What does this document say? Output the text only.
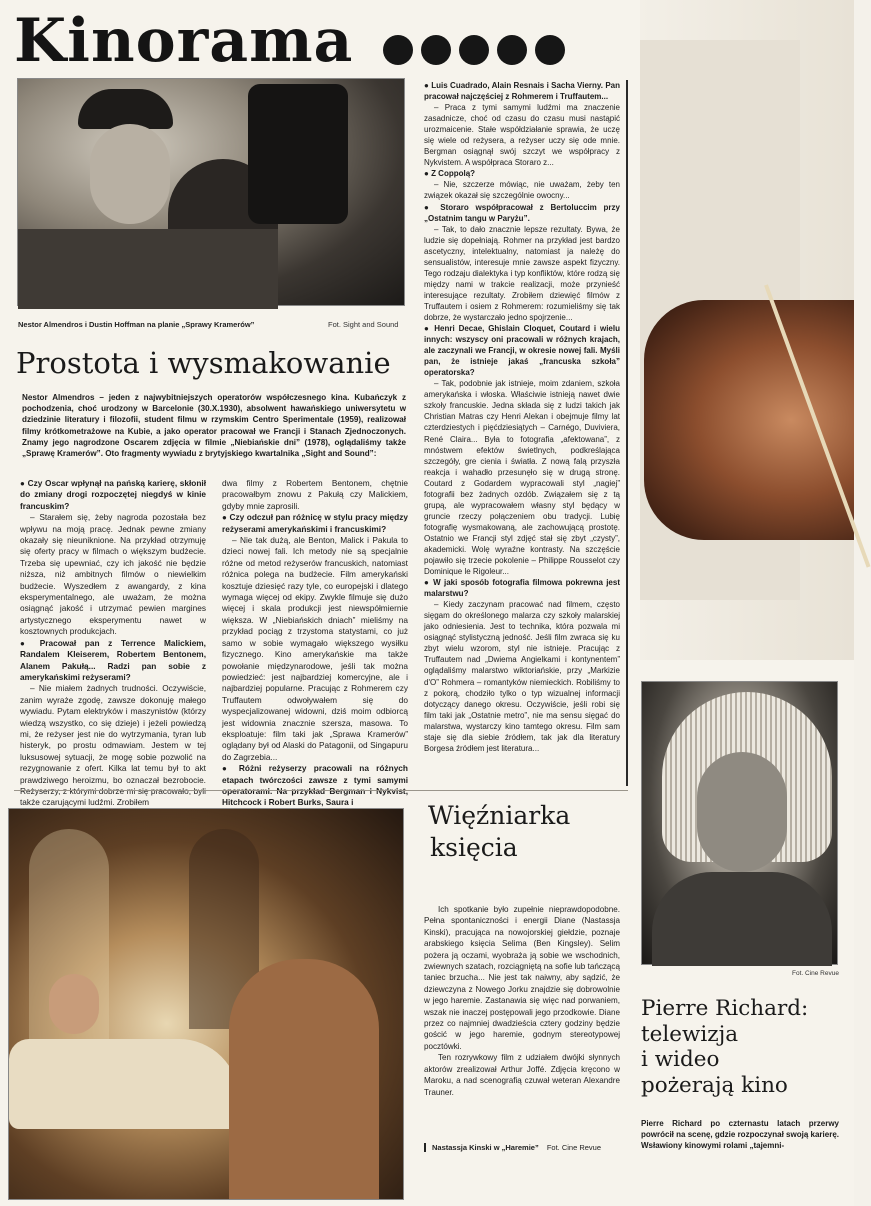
Kinorama
Nestor Almendros i Dustin Hoffman na planie „Sprawy Kramerów”	Fot. Sight and Sound
Prostota i wysmakowanie
Nestor Almendros – jeden z najwybitniejszych operatorów współczesnego kina. Kubańczyk z pochodzenia, choć urodzony w Barcelonie (30.X.1930), absolwent hawańskiego uniwersytetu w dziedzinie literatury i filozofii, student filmu w rzymskim Centro Sperimentale (1959), realizował filmy krótkometrażowe na Kubie, a jako operator pracował we Francji i Stanach Zjednoczonych. Znamy jego nagrodzone Oscarem zdjęcia w filmie „Niebiańskie dni” (1978), oglądaliśmy także „Sprawę Kramerów”. Oto fragmenty wywiadu z brytyjskiego kwartalnika „Sight and Sound”:

● Czy Oscar wpłynął na pańską karierę, skłonił do zmiany drogi rozpoczętej niegdyś w kinie francuskim?

– Starałem się, żeby nagroda pozostała bez wpływu na moją pracę. Jednak pewne zmiany okazały się nieuniknione. Na przykład otrzymuję się oferty pracy w filmach o większym budżecie. Trzeba się upewniać, czy ich jakość nie będzie niższa, niż ambitnych filmów o niewielkim budżecie. Wyszedłem z awangardy, z kina eksperymentalnego, ale uważam, że można osiągnąć jakość i utrzymać pewien margines artystycznego eksperymentu nawet w kosztownych produkcjach.

● Pracował pan z Terrence Malickiem, Randalem Kleiserem, Robertem Bentonem, Alanem Pakułą... Radzi pan sobie z amerykańskimi reżyserami?

– Nie miałem żadnych trudności. Oczywiście, zanim wyraże zgodę, zawsze dokonuję małego wywiadu. Pytam elektryków i maszynistów (którzy wiedzą wszystko, co się dzieje) i jeżeli powiedzą mi, że reżyser jest nie do wytrzymania, tyran lub histeryk, po prostu odmawiam. Jestem w tej luksusowej sytuacji, że mogę sobie pozwolić na rezygnowanie z ofert. Kilka lat temu był to akt prawdziwego heroizmu, bo oznaczał bezrobocie. także czarującymi ludźmi. Zrobiłem

dwa filmy z Robertem Bentonem, chętnie pracowałbym znowu z Pakułą czy Malickiem, gdyby mnie zaprosili.

● Czy odczuł pan różnicę w stylu pracy między reżyserami amerykańskimi i francuskimi?

– Nie tak dużą, ale Benton, Malick i Pakula to dzieci nowej fali. Ich metody nie są specjalnie różne od metod reżyserów francuskich, natomiast różnica polega na budżecie. Film amerykański kosztuje dziesięć razy tyle, co europejski i dlatego wymaga więcej od ekipy. Zwykle filmuje się dużo więcej i skala produkcji jest niewspółmiernie większa. W „Niebiańskich dniach” mieliśmy na przykład pociąg z trzystoma statystami, co już samo w sobie wymagało większego wysiłku fizycznego. Kino amerykańskie ma także powołanie międzynarodowe, jeśli tak można powiedzieć: jest najbardziej komercyjne, ale i najbardziej popularne. Pracując z Rohmerem czy Truffautem odwoływałem się do wyspecjalizowanej widowni, dziś moim odbiorcą jest widownia znacznie szersza, masowa. To eksploatuje: film taki jak „Sprawa Kramerów” oglądany był od Alaski do Patagonii, od Singapuru do Zagrzebia...

● Różni reżyserzy pracowali na różnych etapach twórczości zawsze z tymi samymi Hitchcock i Robert Burks, Saura i

● Luis Cuadrado, Alain Resnais i Sacha Vierny. Pan pracował najczęściej z Rohmerem i Truffautem...

– Praca z tymi samymi ludźmi ma znaczenie zasadnicze, choć od czasu do czasu musi nastąpić urozmaicenie. Stałe współdziałanie sprawia, że uczę się wiele od reżysera, a reżyser uczy się ode mnie. Bergman osiągnął swój szczyt we współpracy z Nykvistem. A współpraca Storaro z...

● Z Coppolą?

– Nie, szczerze mówiąc, nie uważam, żeby ten związek okazał się szczególnie owocny...

● Storaro współpracował z Bertoluccim przy „Ostatnim tangu w Paryżu”.

– Tak, to dało znacznie lepsze rezultaty. Bywa, że ludzie się dopełniają. Rohmer na przykład jest bardzo ascetyczny, intelektualny, natomiast ja należę do sensualistów, interesuje mnie zawsze aspekt fizyczny. Tego rodzaju dialektyka i typ konfliktów, które rodzą się między nami w trakcie realizacji, może przynieść interesujące rezultaty. Zrobiłem dziewięć filmów z Truffautem i osiem z Rohmerem: rozumieliśmy się tak dobrze, że wystarczało jedno spojrzenie...

● Henri Decae, Ghislain Cloquet, Coutard i wielu innych: wszyscy oni pracowali w różnych krajach, ale zaczynali we Francji, w okresie nowej fali. Myśli pan, że istnieje jakaś „francuska szkoła” operatorska?

– Tak, podobnie jak istnieje, moim zdaniem, szkoła amerykańska i włoska. Właściwie istnieją nawet dwie szkoły francuskie. Jedna składa się z ludzi takich jak Christian Matras czy Henri Alekan i obejmuje filmy lat czterdziestych i pięćdziesiątych – Carnégo, Duviviera, René Claira... Była to fotografia „afektowana”, z mnóstwem efektów świetlnych, podkreślająca szczegóły, gre cienia i światła. Z nową falą przyszła reakcja i wahadło przesunęło się w drugą stronę. Coutard z Godardem wypracowali styl „nagiej” fotografii bez żadnych ozdób. Związałem się z tą grupą, ale wypracowałem własny styl będący w gruncie rzeczy połączeniem obu tradycji. Lubię fotografię wysmakowaną, ale zachowującą prostotę. Ostatnio we Francji styl zdjęć stał się zbyt „czysty”, akademicki. Wolę wyraźne kontrasty. Na szczęście pojawiło się trzecie pokolenie – Philippe Rousselot czy Dominique le Rigoleur...

● W jaki sposób fotografia filmowa pokrewna jest malarstwu?

– Kiedy zaczynam pracować nad filmem, często sięgam do określonego malarza czy szkoły malarskiej jako odniesienia. Jest to technika, która pozwala mi osiągnąć stylistyczną jedność. Jeśli film zwraca się ku zbyt wielu wzorom, styl nie istnieje. Pracując z Truffautem nad „Dwiema Angielkami i kontynentem” oglądaliśmy malarstwo wiktoriańskie, przy „Markizie d'O” Rohmera – romantyków niemieckich. Robiliśmy to z pokorą, chodziło tylko o typ wizualnej informacji dotyczący danego okresu. Oczywiście, jeśli robi się film taki jak „Ostatnie metro”, nie ma sensu sięgać do malarstwa, wystarczy kino tamtego okresu. Film sam staje się dla siebie źródłem, tak jak dla literatury Borgesa źródłem jest literatura...

Więźniarka
księcia

Ich spotkanie było zupełnie nieprawdopodobne. Pełna spontaniczności i energii Diane (Nastassja Kinski), pracująca na nowojorskiej giełdzie, poznaje arabskiego księcia Selima (Ben Kingsley). Selim pożera ją oczami, wyobraża ją sobie we wschodnich, zwiewnych szatach, rozciągniętą na sofie lub tańczącą taniec brzucha... Nie jest tak naiwny, aby sądzić, że dziewczyna z Nowego Jorku znajdzie się dobrowolnie w jego haremie. Zastanawia się więc nad porwaniem, wszak nie inaczej postępowali jego przodkowie. Diane przez co najmniej dwadzieścia cztery godziny będzie gościć w jego haremie, godnym stereotypowej pocztówki.

Ten rozrywkowy film z udziałem dwójki słynnych aktorów zrealizował Arthur Joffé. Zdjęcia kręcono w Maroku, a nad scenografią czuwał weteran Alexandre Trauner.

Nastassja Kinski w „Haremie” Fot. Cine Revue
Fot. Cine Revue
Pierre Richard:
telewizja
i wideo
pożerają kino
Pierre Richard po czternastu latach przerwy powrócił na scenę, gdzie rozpoczynał swoją karierę. Wsławiony kinowymi rolami „tajemni-
